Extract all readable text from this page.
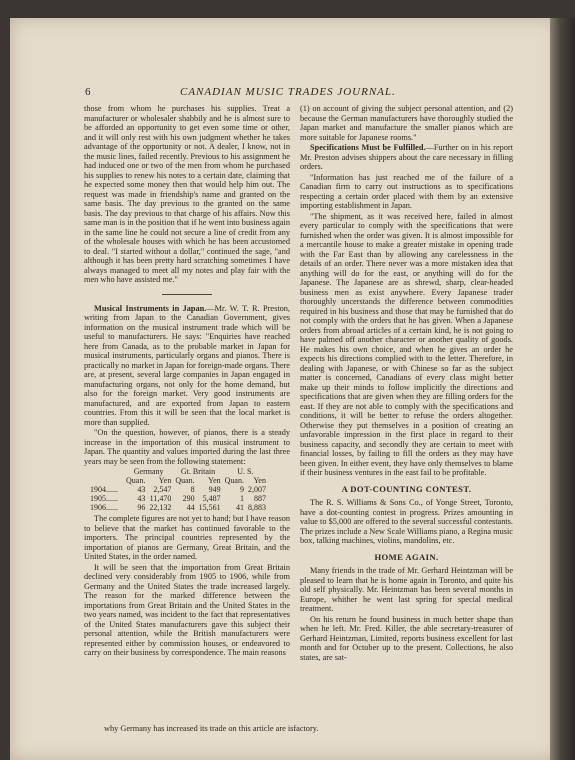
6	CANADIAN MUSIC TRADES JOURNAL.

those from whom he purchases his supplies. Treat a manufacturer or wholesaler shabbily and he is almost sure to be afforded an opportunity to get even some time or other, and it will only rest with his own judgment whether he takes advantage of the opportunity or not. A dealer, I know, not in the music lines, failed recently. Previous to his assignment he had induced one or two of the men from whom he purchased his supplies to renew his notes to a certain date, claiming that he expected some money then that would help him out. The request was made in friendship's name and granted on the same basis. The day previous to the granted on the same basis. The day previous to that charge of his affairs. Now this same man is in the position that if he went into business again in the same line he could not secure a line of credit from any of the wholesale houses with which he has been accustomed to deal. "I started without a dollar," continued the sage, "and although it has been pretty hard scratching sometimes I have always managed to meet all my notes and play fair with the men who have assisted me."

Musical Instruments in Japan.—Mr. W. T. R. Preston, writing from Japan to the Canadian Government, gives information on the musical instrument trade which will be useful to manufacturers. He says: "Enquiries have reached here from Canada, as to the probable market in Japan for musical instruments, particularly organs and pianos. There is practically no market in Japan for foreign-made organs. There are, at present, several large companies in Japan engaged in manufacturing organs, not only for the home demand, but also for the foreign market. Very good instruments are manufactured, and are exported from Japan to eastern countries. From this it will be seen that the local market is more than supplied.

"On the question, however, of pianos, there is a steady increase in the importation of this musical instrument to Japan. The quantity and values imported during the last three years may be seen from the following statement:

	Germany		Gt. Britain		U. S.	
	Quan.	Yen	Quan.	Yen	Quan.	Yen
1904......	43	2,547	8	949	9	2,007
1905......	43	11,470	290	5,487	1	887
1906......	96	22,132	44	15,561	41	8,883

The complete figures are not yet to hand; but I have reason to believe that the market has continued favorable to the importers. The principal countries represented by the importation of pianos are Germany, Great Britain, and the United States, in the order named.

It will be seen that the importation from Great Britain declined very considerably from 1905 to 1906, while from Germany and the United States the trade increased largely. The reason for the marked difference between the importations from Great Britain and the United States in the two years named, was incident to the fact that representatives of the United States manufacturers gave this subject their personal attention, while the British manufacturers were represented either by commission houses, or endeavored to carry on their business by correspondence. The main reasons

why Germany has increased its trade on this article are isfactory.

(1) on account of giving the subject personal attention, and (2) because the German manufacturers have thoroughly studied the Japan market and manufacture the smaller pianos which are more suitable for Japanese rooms."

Specifications Must be Fulfilled.—Further on in his report Mr. Preston advises shippers about the care necessary in filling orders.

"Information has just reached me of the failure of a Canadian firm to carry out instructions as to specifications respecting a certain order placed with them by an extensive importing establishment in Japan.

"The shipment, as it was received here, failed in almost every particular to comply with the specifications that were furnished when the order was given. It is almost impossible for a mercantile house to make a greater mistake in opening trade with the Far East than by allowing any carelessness in the details of an order. There never was a more mistaken idea that anything will do for the east, or anything will do for the Japanese. The Japanese are as shrewd, sharp, clear-headed business men as exist anywhere. Every Japanese trader thoroughly uncerstands the difference between commodities required in his business and those that may be furnished that do not comply with the orders that he has given. When a Japanese orders from abroad articles of a certain kind, he is not going to have palmed off another character or another quality of goods. He makes his own choice, and when he gives an order he expects his directions complied with to the letter. Therefore, in dealing with Japanese, or with Chinese so far as the subject matter is concerned, Canadians of every class might better make up their minds to follow implicitly the directions and specifications that are given when they are filling orders for the east. If they are not able to comply with the specifications and conditions, it will be better to refuse the orders altogether. Otherwise they put themselves in a position of creating an unfavorable impression in the first place in regard to their business capacity, and secondly they are certain to meet with financial losses, by failing to fill the orders as they may have been given. In either event, they have only themselves to blame if their business ventures in the east fail to be profitable.

A DOT-COUNTING CONTEST.

The R. S. Williams & Sons Co., of Yonge Street, Toronto, have a dot-counting contest in progress. Prizes amounting in value to $5,000 are offered to the several successful contestants. The prizes include a New Scale Williams piano, a Regina music box, talking machines, violins, mandolins, etc.

HOME AGAIN.

Many friends in the trade of Mr. Gerhard Heintzman will be pleased to learn that he is home again in Toronto, and quite his old self physically. Mr. Heintzman has been several months in Europe, whither he went last spring for special medical treatment.

On his return he found business in much better shape than when he left. Mr. Fred. Killer, the able secretary-treasurer of Gerhard Heintzman, Limited, reports business excellent for last month and for October up to the present. Collections, he also states, are sat-
